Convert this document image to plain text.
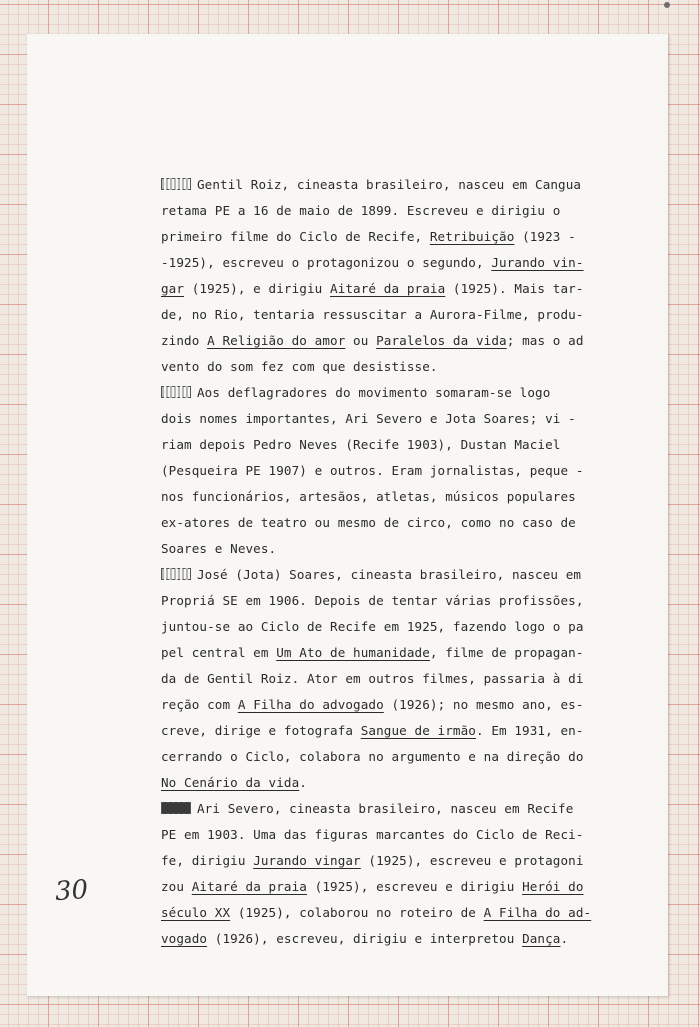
Gentil Roiz, cineasta brasileiro, nasceu em Cangua
retama PE a 16 de maio de 1899. Escreveu e dirigiu o
primeiro filme do Ciclo de Recife, Retribuição (1923 -
-1925), escreveu o protagonizou o segundo, Jurando vin-
gar (1925), e dirigiu Aitaré da praia (1925). Mais tar-
de, no Rio, tentaria ressuscitar a Aurora-Filme, produ-
zindo A Religião do amor ou Paralelos da vida; mas o ad
vento do som fez com que desistisse.
Aos deflagradores do movimento somaram-se logo
dois nomes importantes, Ari Severo e Jota Soares; vi -
riam depois Pedro Neves (Recife 1903), Dustan Maciel
(Pesqueira PE 1907) e outros. Eram jornalistas, peque -
nos funcionários, artesãos, atletas, músicos populares
ex-atores de teatro ou mesmo de circo, como no caso de
Soares e Neves.
José (Jota) Soares, cineasta brasileiro, nasceu em
Propriá SE em 1906. Depois de tentar várias profissões,
juntou-se ao Ciclo de Recife em 1925, fazendo logo o pa
pel central em Um Ato de humanidade, filme de propagan-
da de Gentil Roiz. Ator em outros filmes, passaria à di
reção com A Filha do advogado (1926); no mesmo ano, es-
creve, dirige e fotografa Sangue de irmão. Em 1931, en-
cerrando o Ciclo, colabora no argumento e na direção do
No Cenário da vida.
Ari Severo, cineasta brasileiro, nasceu em Recife
PE em 1903. Uma das figuras marcantes do Ciclo de Reci-
fe, dirigiu Jurando vingar (1925), escreveu e protagoni
zou Aitaré da praia (1925), escreveu e dirigiu Herói do
século XX (1925), colaborou no roteiro de A Filha do ad-
vogado (1926), escreveu, dirigiu e interpretou Dança.
30
